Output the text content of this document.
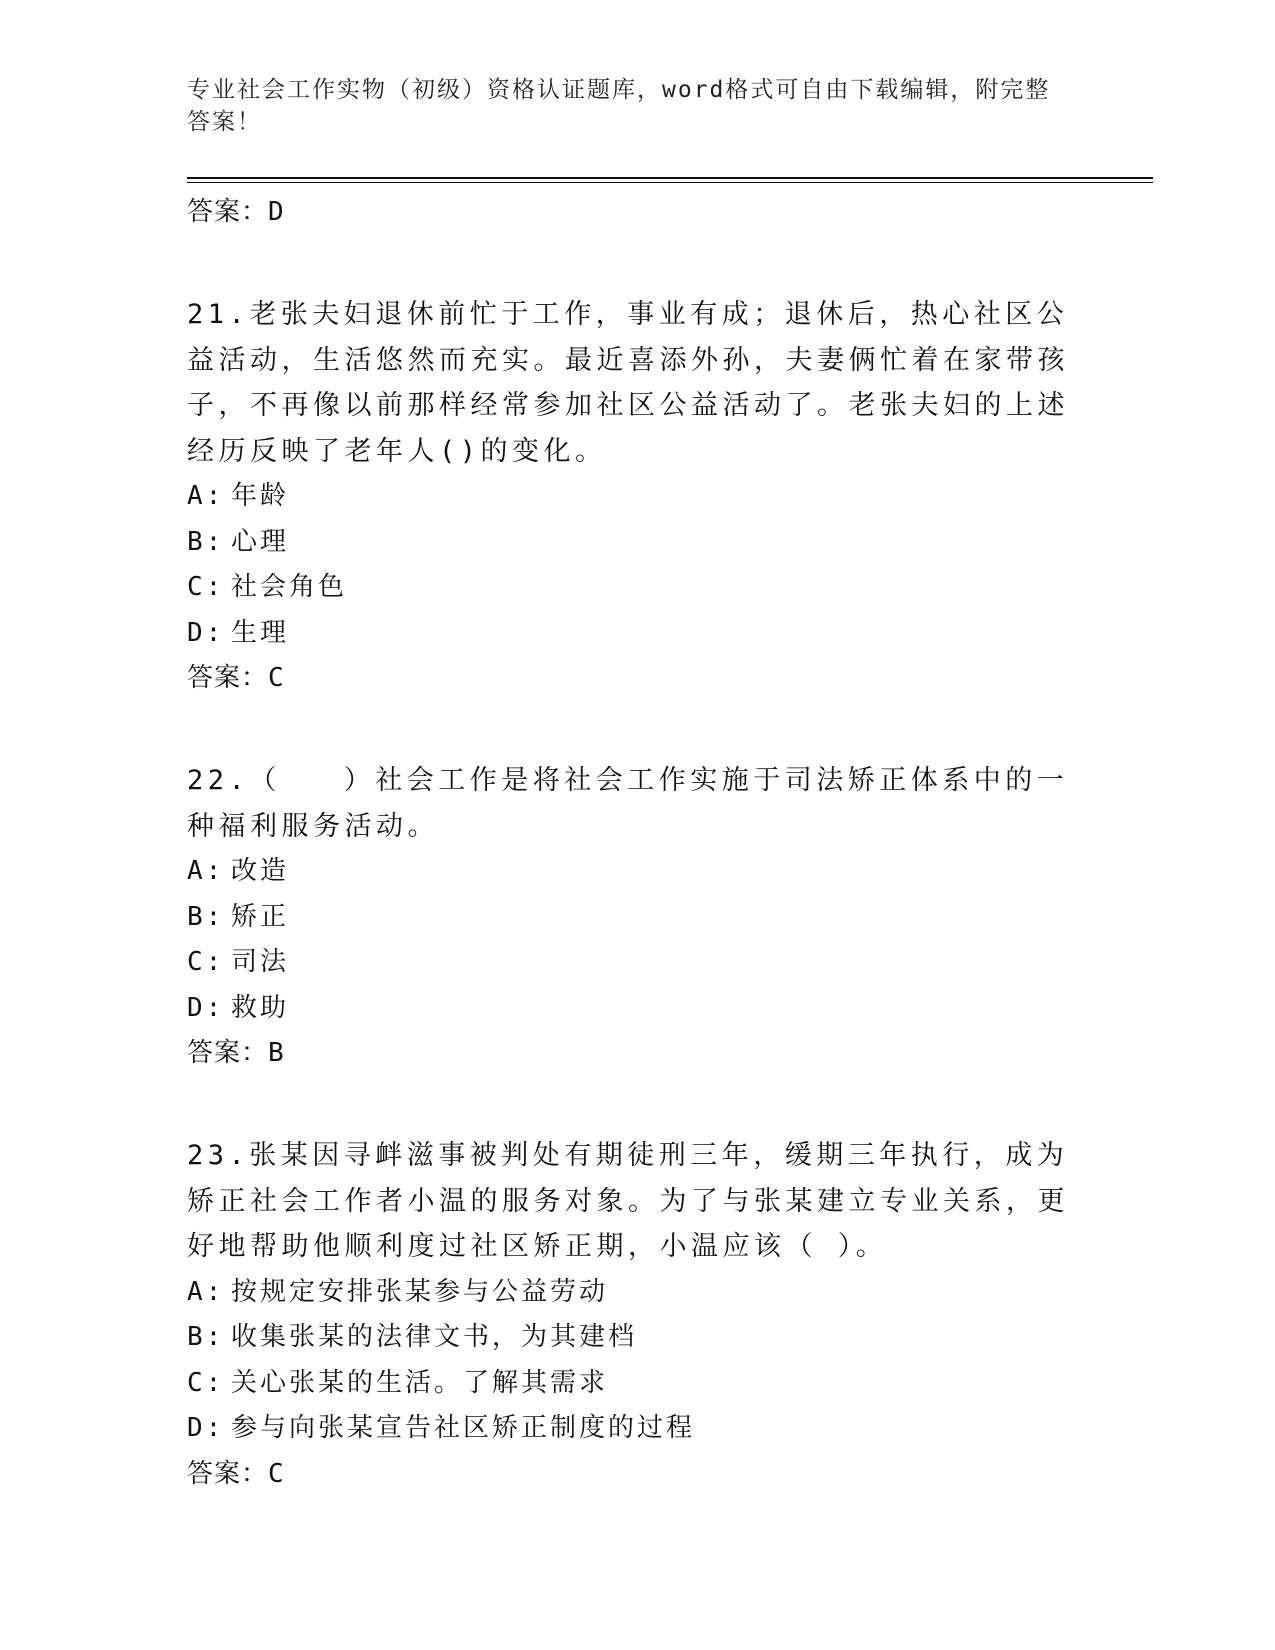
专业社会工作实物（初级）资格认证题库，word格式可自由下载编辑，附完整答案！
答案：D

21.老张夫妇退休前忙于工作，事业有成；退休后，热心社区公益活动，生活悠然而充实。最近喜添外孙，夫妻俩忙着在家带孩子，不再像以前那样经常参加社区公益活动了。老张夫妇的上述经历反映了老年人()的变化。

A: 年龄
B: 心理
C: 社会角色
D: 生理
答案：C

22.（　　）社会工作是将社会工作实施于司法矫正体系中的一种福利服务活动。

A: 改造
B: 矫正
C: 司法
D: 救助
答案：B

23.张某因寻衅滋事被判处有期徒刑三年，缓期三年执行，成为矫正社会工作者小温的服务对象。为了与张某建立专业关系，更好地帮助他顺利度过社区矫正期，小温应该（ ）。

A: 按规定安排张某参与公益劳动
B: 收集张某的法律文书，为其建档
C: 关心张某的生活。了解其需求
D: 参与向张某宣告社区矫正制度的过程
答案：C
